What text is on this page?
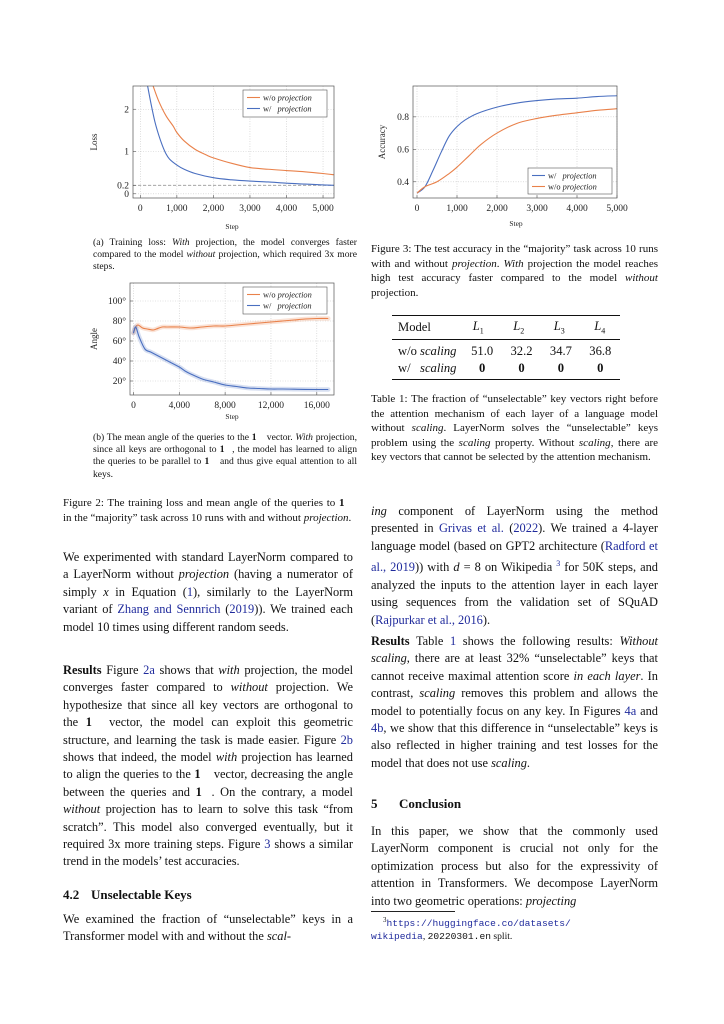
0 1,000 2,000 3,000 4,000 5,000
0
0.2
1
2
Step
Loss
w/o projection
w/ projection
(a) Training loss: With projection, the model converges faster compared to the model without projection, which required 3x more steps.
0	4,000	8,000 12,000 16,000
20°
40°
60°
80°
100°
Step
Angle
w/o projection
w/ projection
(b) The mean angle of the queries to the 1⃗ vector. With projection, since all keys are orthogonal to 1⃗, the model has learned to align the queries to be parallel to 1⃗ and thus give equal attention to all keys.
Figure 2: The training loss and mean angle of the queries to 1⃗ in the “majority” task across 10 runs with and without projection.
0	1,000 2,000 3,000 4,000 5,000
0.4
0.6
0.8
Step
Accuracy
w/ projection
w/o projection
Figure 3: The test accuracy in the “majority” task across 10 runs with and without projection. With projection the model reaches high test accuracy faster compared to the model without projection.
Model	$L_1$	$L_2$	$L_3$	$L_4$
w/o scaling	51.0	32.2	34.7	36.8
w/   scaling	0	0	0	0
Table 1: The fraction of “unselectable” key vectors right before the attention mechanism of each layer of a language model without scaling. LayerNorm solves the “unselectable” keys problem using the scaling property. Without scaling, there are key vectors that cannot be selected by the attention mechanism.
We experimented with standard LayerNorm compared to a LayerNorm without projection (having a numerator of simply x in Equation (1), similarly to the LayerNorm variant of Zhang and Sennrich (2019)). We trained each model 10 times using different random seeds.
Results Figure 2a shows that with projection, the model converges faster compared to without projection. We hypothesize that since all key vectors are orthogonal to the 1⃗ vector, the model can exploit this geometric structure, and learning the task is made easier. Figure 2b shows that indeed, the model with projection has learned to align the queries to the 1⃗ vector, decreasing the angle between the queries and 1⃗. On the contrary, a model without projection has to learn to solve this task “from scratch”. This model also converged eventually, but it required 3x more training steps. Figure 3 shows a similar trend in the models’ test accuracies.
4.2 Unselectable Keys
We examined the fraction of “unselectable” keys in a Transformer model with and without the scal-
ing component of LayerNorm using the method presented in Grivas et al. (2022). We trained a 4-layer language model (based on GPT2 architecture (Radford et al., 2019)) with d = 8 on Wikipedia $^3$ for 50K steps, and analyzed the inputs to the attention layer in each layer using sequences from the validation set of SQuAD (Rajpurkar et al., 2016).
Results Table 1 shows the following results: Without scaling, there are at least 32% “unselectable” keys that cannot receive maximal attention score in each layer. In contrast, scaling removes this problem and allows the model to potentially focus on any key. In Figures 4a and 4b, we show that this difference in “unselectable” keys is also reflected in higher training and test losses for the model that does not use scaling.
5 Conclusion
In this paper, we show that the commonly used LayerNorm component is crucial not only for the optimization process but also for the expressivity of attention in Transformers. We decompose LayerNorm into two geometric operations: projecting
$^3$https://huggingface.co/datasets/
wikipedia, 20220301.en split.
